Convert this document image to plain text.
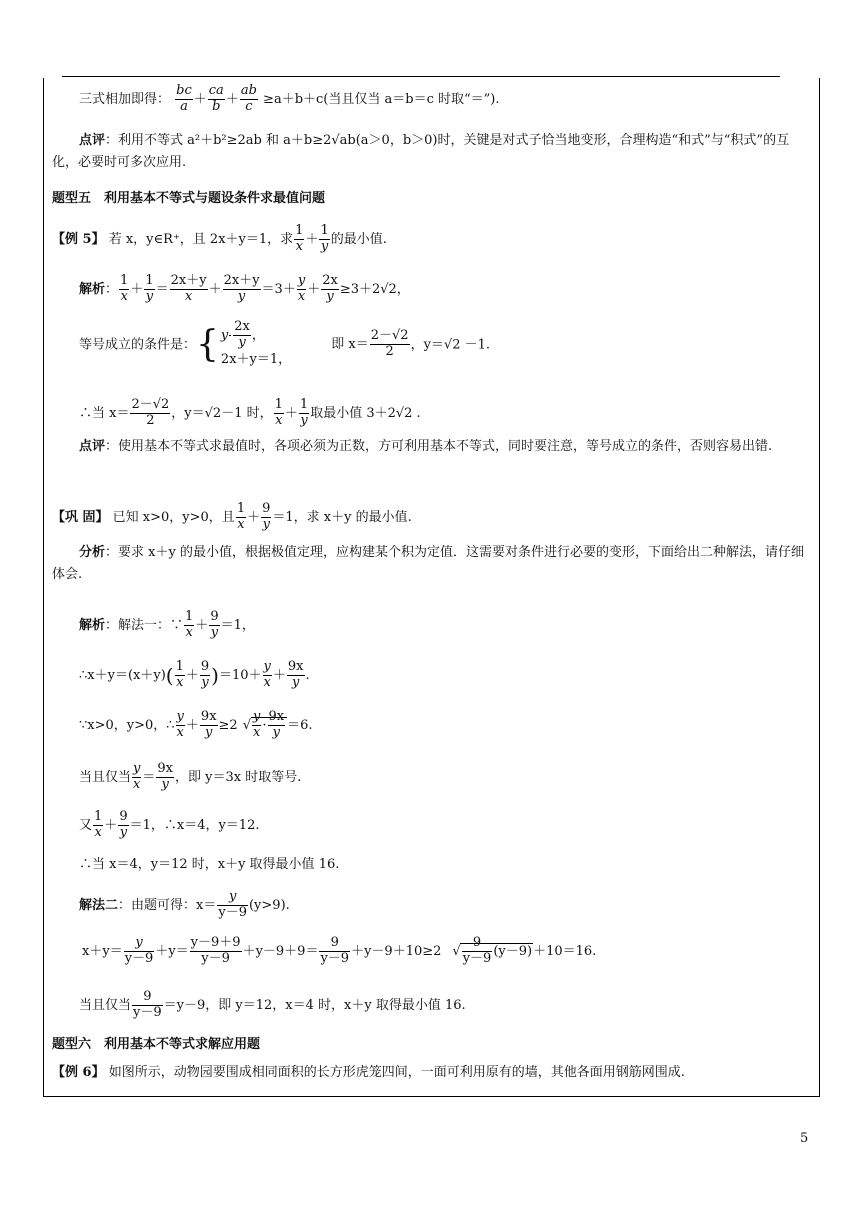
三式相加即得： $\frac{bc}{a} + \frac{ca}{b} + \frac{ab}{c} \ge a+b+c$(当且仅当 a＝b＝c 时取“＝”).
点评：利用不等式 a²＋b²≥2ab 和 a＋b≥2√ab(a＞0，b＞0)时，关键是对式子恰当地变形，合理构造“和式”与“积式”的互化，必要时可多次应用.
题型五　利用基本不等式与题设条件求最值问题
【例 5】 若 x，y∈R⁺，且 2x＋y＝1，求 $\frac{1}{x} + \frac{1}{y}$ 的最小值.
解析： $\frac{1}{x} + \frac{1}{y} = \frac{2x+y}{x} + \frac{2x+y}{y} =3+ \frac{y}{x} + \frac{2x}{y} \ge 3+2√2$，
等号成立的条件是：{ y $\frac{2x}{y}$ ，
2x＋y＝1，
即 $x= \frac{2-√2}{2}$ ，y＝√2 －1.
∴当 $x= \frac{2-√2}{2}$ ，y＝√2－1 时， $\frac{1}{x} + \frac{1}{y}$ 取最小值 3＋2√2 .
点评：使用基本不等式求最值时，各项必须为正数，方可利用基本不等式，同时要注意，等号成立的条件，否则容易出错.
【巩 固】 已知 x>0，y>0，且 $\frac{1}{x} + \frac{9}{y} =1$，求 x＋y 的最小值.
分析：要求 x＋y 的最小值，根据极值定理，应构建某个积为定值．这需要对条件进行必要的变形，下面给出二种解法，请仔细体会.
解析：解法一：∵ $\frac{1}{x} + \frac{9}{y} =1$，
∴x＋y＝(x＋y)( $\frac{1}{x} + \frac{9}{y} )=10+ \frac{y}{x} + \frac{9x}{y}$ .
∵x>0，y>0，∴ $\frac{y}{x} + \frac{9x}{y} \ge 2$ √ $\frac{y}{x} \cdot \frac{9x}{y} =6$.
当且仅当 $\frac{y}{x} = \frac{9x}{y}$ ，即 y＝3x 时取等号.
又 $\frac{1}{x} + \frac{9}{y} =1$，∴x＝4，y＝12.
∴当 x＝4，y＝12 时，x＋y 取得最小值 16.
解法二：由题可得：$x= \frac{y}{y-9} (y>9)$.
$x+y= \frac{y}{y-9} +y= \frac{y-9+9}{y-9} +y-9+9= \frac{9}{y-9} +y-9+10\ge 2$ √ $\frac{9}{y-9} (y-9)+10=16$.
当且仅当 $\frac{9}{y-9} =y-9$，即 y＝12，x＝4 时，x＋y 取得最小值 16.
题型六　利用基本不等式求解应用题
【例 6】 如图所示，动物园要围成相同面积的长方形虎笼四间，一面可利用原有的墙，其他各面用钢筋网围成.
5
